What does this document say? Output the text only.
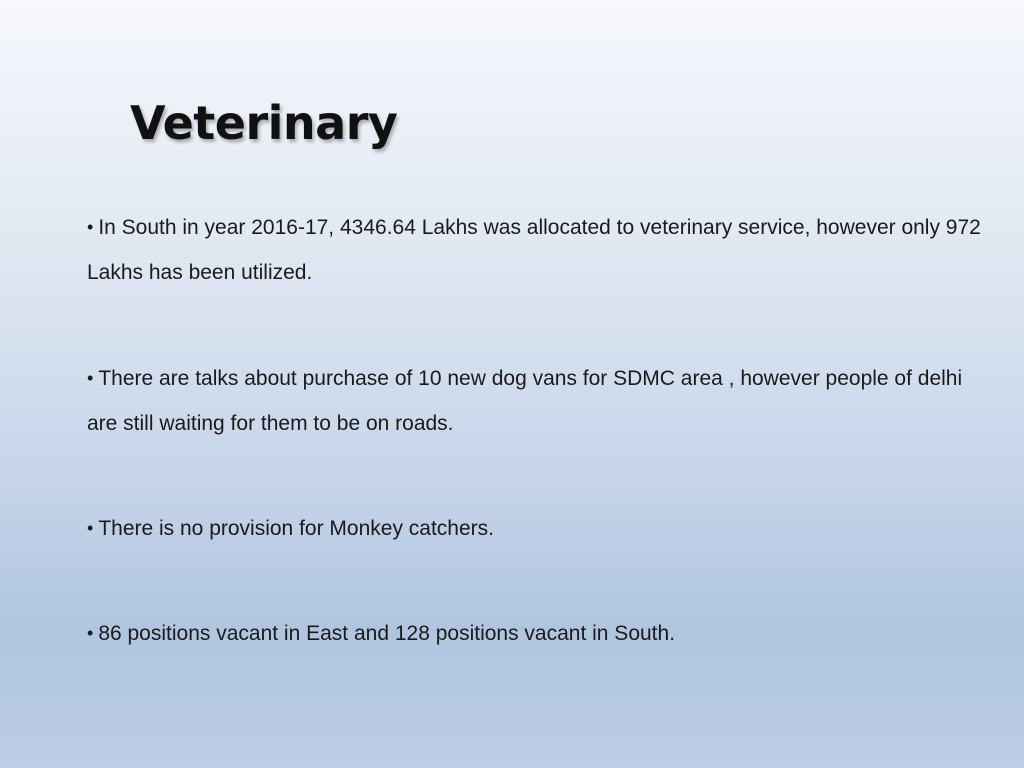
Veterinary
• In South in year 2016-17, 4346.64 Lakhs was allocated to veterinary service, however only 972 Lakhs has been utilized.
• There are talks about purchase of 10 new dog vans for SDMC area , however people of delhi are still waiting for them to be on roads.
• There is no provision for Monkey catchers.
• 86 positions vacant in East and 128 positions vacant in South.
